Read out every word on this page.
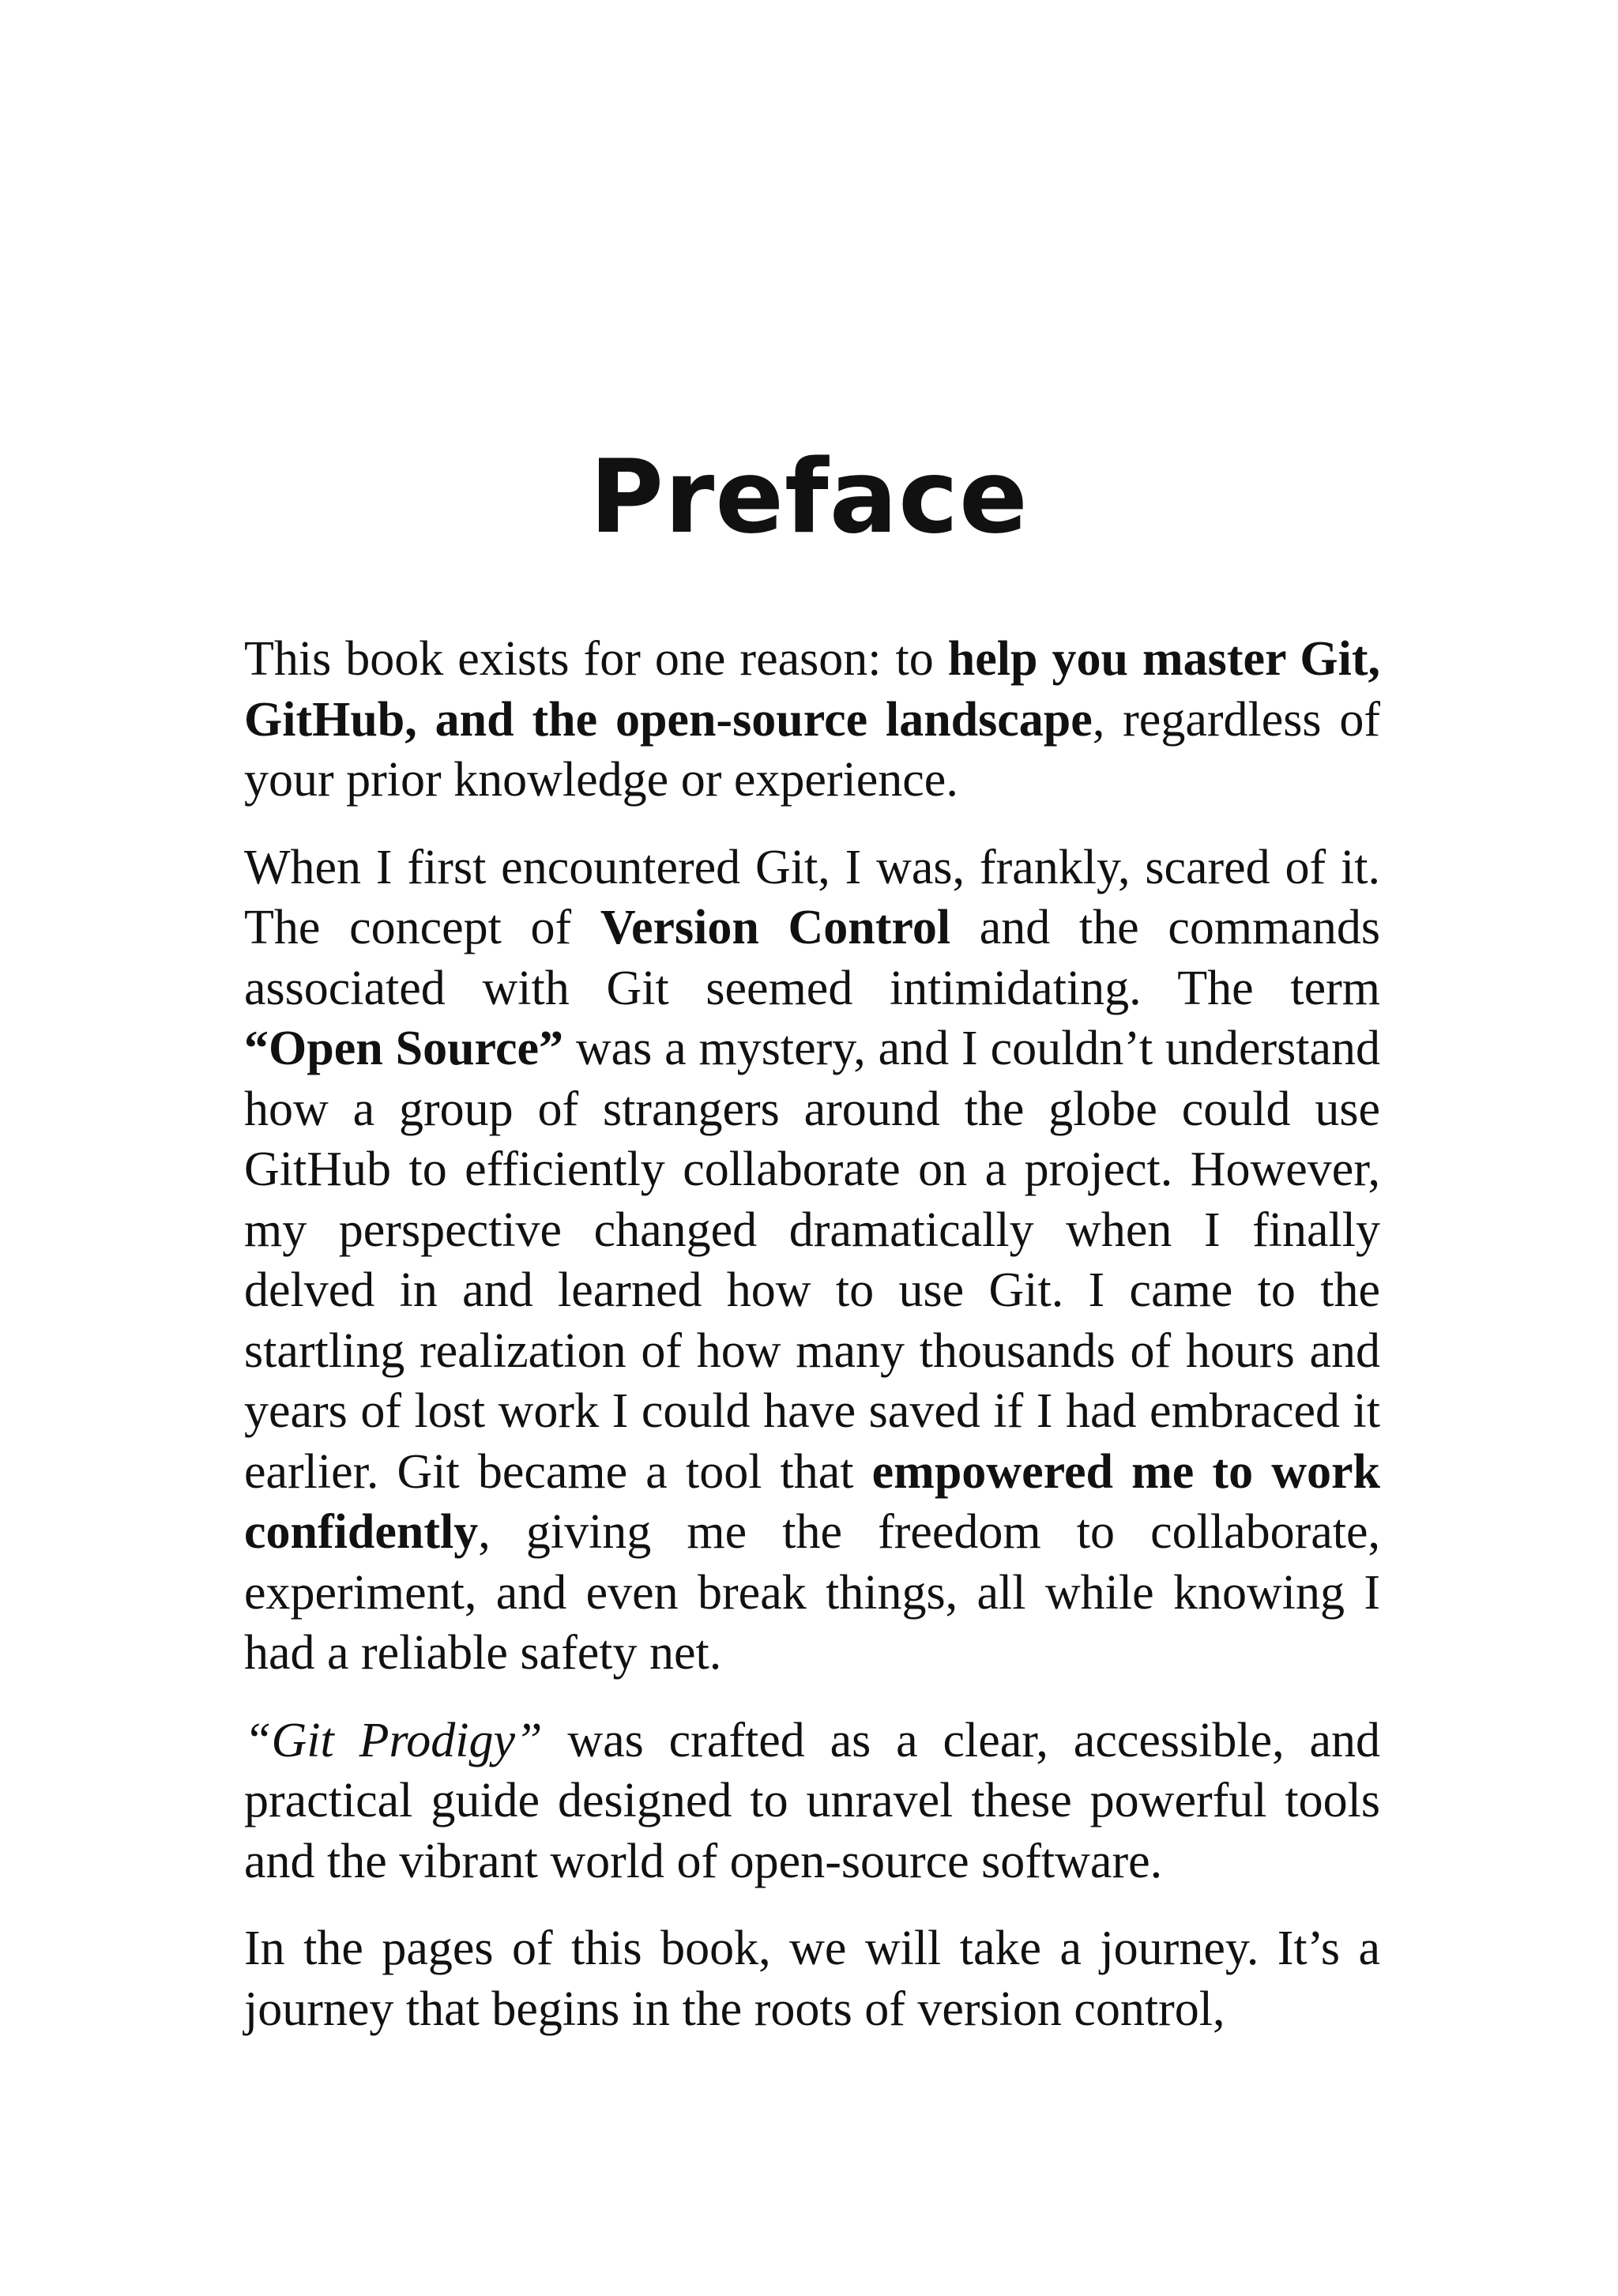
Preface

This book exists for one reason: to help you master Git, GitHub, and the open-source landscape, regardless of your prior knowledge or experience.

When I first encountered Git, I was, frankly, scared of it. The concept of Version Control and the commands associated with Git seemed intimidating. The term “Open Source” was a mystery, and I couldn’t understand how a group of strangers around the globe could use GitHub to efficiently collaborate on a project. However, my perspective changed dramatically when I finally delved in and learned how to use Git. I came to the startling realization of how many thousands of hours and years of lost work I could have saved if I had embraced it earlier. Git became a tool that empowered me to work confidently, giving me the freedom to collaborate, experiment, and even break things, all while knowing I had a reliable safety net.

“Git Prodigy” was crafted as a clear, accessible, and practical guide designed to unravel these powerful tools and the vibrant world of open-source software.

In the pages of this book, we will take a journey. It’s a journey that begins in the roots of version control,
